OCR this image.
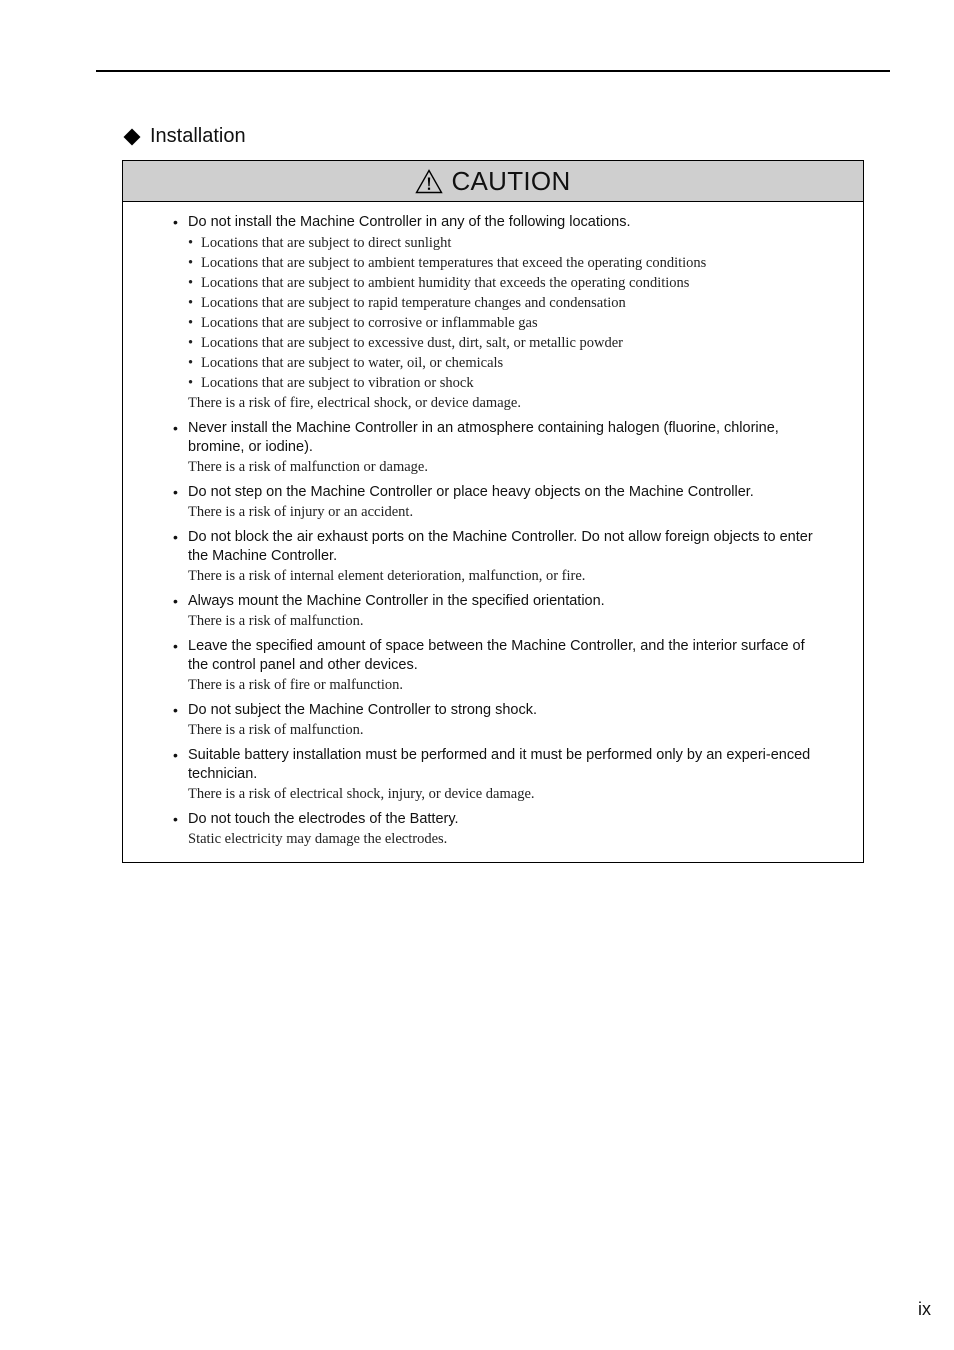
Installation
CAUTION
• Do not install the Machine Controller in any of the following locations.
• Locations that are subject to direct sunlight
• Locations that are subject to ambient temperatures that exceed the operating conditions
• Locations that are subject to ambient humidity that exceeds the operating conditions
• Locations that are subject to rapid temperature changes and condensation
• Locations that are subject to corrosive or inflammable gas
• Locations that are subject to excessive dust, dirt, salt, or metallic powder
• Locations that are subject to water, oil, or chemicals
• Locations that are subject to vibration or shock
There is a risk of fire, electrical shock, or device damage.
• Never install the Machine Controller in an atmosphere containing halogen (fluorine, chlorine, bromine, or iodine).
There is a risk of malfunction or damage.
• Do not step on the Machine Controller or place heavy objects on the Machine Controller.
There is a risk of injury or an accident.
• Do not block the air exhaust ports on the Machine Controller. Do not allow foreign objects to enter the Machine Controller.
There is a risk of internal element deterioration, malfunction, or fire.
• Always mount the Machine Controller in the specified orientation.
There is a risk of malfunction.
• Leave the specified amount of space between the Machine Controller, and the interior surface of the control panel and other devices.
There is a risk of fire or malfunction.
• Do not subject the Machine Controller to strong shock.
There is a risk of malfunction.
• Suitable battery installation must be performed and it must be performed only by an experi-enced technician.
There is a risk of electrical shock, injury, or device damage.
• Do not touch the electrodes of the Battery.
Static electricity may damage the electrodes.
ix
